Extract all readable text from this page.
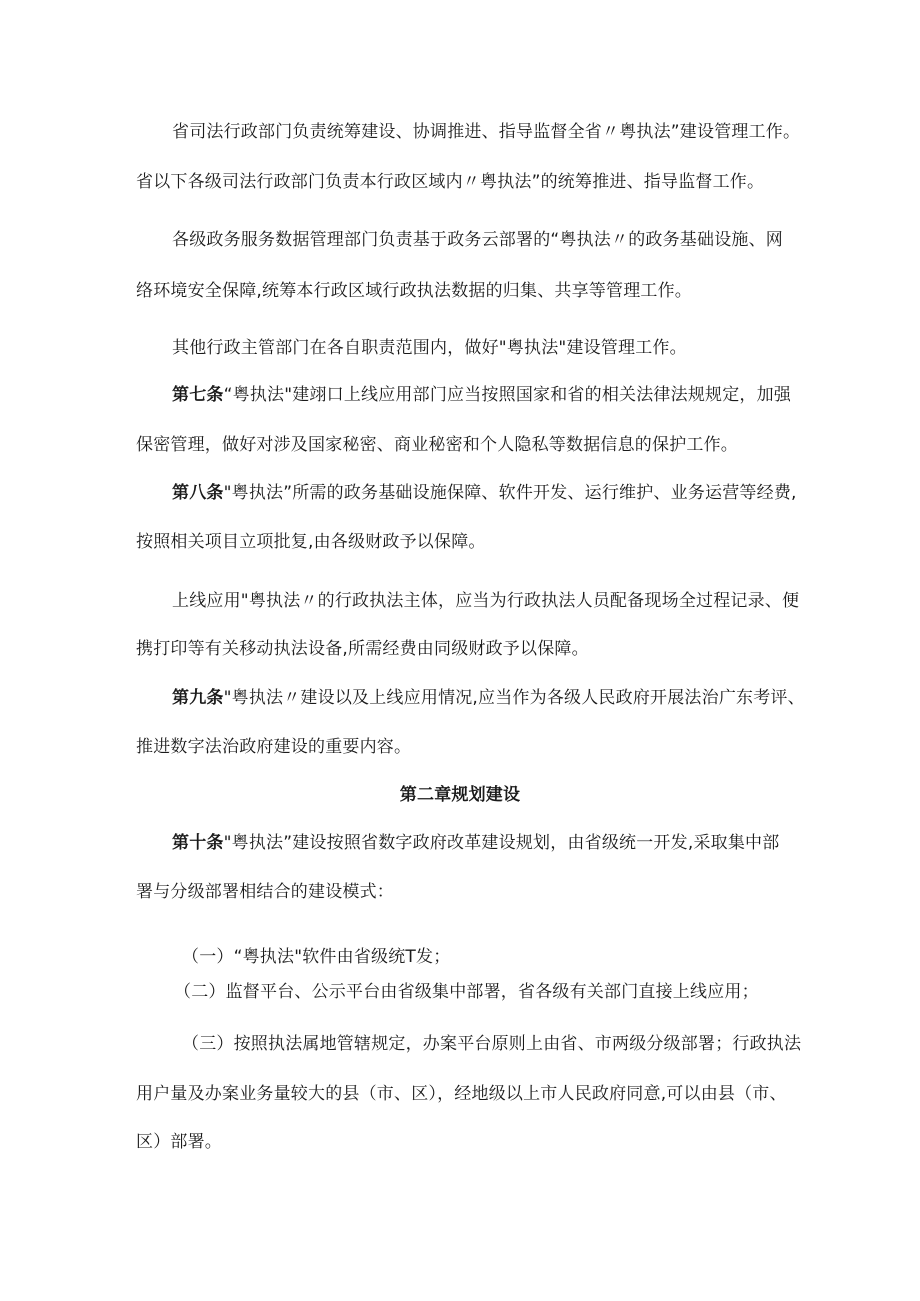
省司法行政部门负责统筹建设、协调推进、指导监督全省〃粤执法”建设管理工作。
省以下各级司法行政部门负责本行政区域内〃粤执法”的统筹推进、指导监督工作。
各级政务服务数据管理部门负责基于政务云部署的“粤执法〃的政务基础设施、网
络环境安全保障,统筹本行政区域行政执法数据的归集、共享等管理工作。
其他行政主管部门在各自职责范围内，做好"粤执法"建设管理工作。
第七条“粤执法"建翊口上线应用部门应当按照国家和省的相关法律法规规定，加强
保密管理，做好对涉及国家秘密、商业秘密和个人隐私等数据信息的保护工作。
第八条"粤执法”所需的政务基础设施保障、软件开发、运行维护、业务运营等经费,
按照相关项目立项批复,由各级财政予以保障。
上线应用"粤执法〃的行政执法主体，应当为行政执法人员配备现场全过程记录、便
携打印等有关移动执法设备,所需经费由同级财政予以保障。
第九条"粤执法〃建设以及上线应用情况,应当作为各级人民政府开展法治广东考评、
推进数字法治政府建设的重要内容。
第二章规划建设
第十条"粤执法”建设按照省数字政府改革建设规划，由省级统一开发,采取集中部
署与分级部署相结合的建设模式：
（一）“粤执法"软件由省级统T发；
（二）监督平台、公示平台由省级集中部署，省各级有关部门直接上线应用；
（三）按照执法属地管辖规定，办案平台原则上由省、市两级分级部署；行政执法
用户量及办案业务量较大的县（市、区），经地级以上市人民政府同意,可以由县（市、
区）部署。
